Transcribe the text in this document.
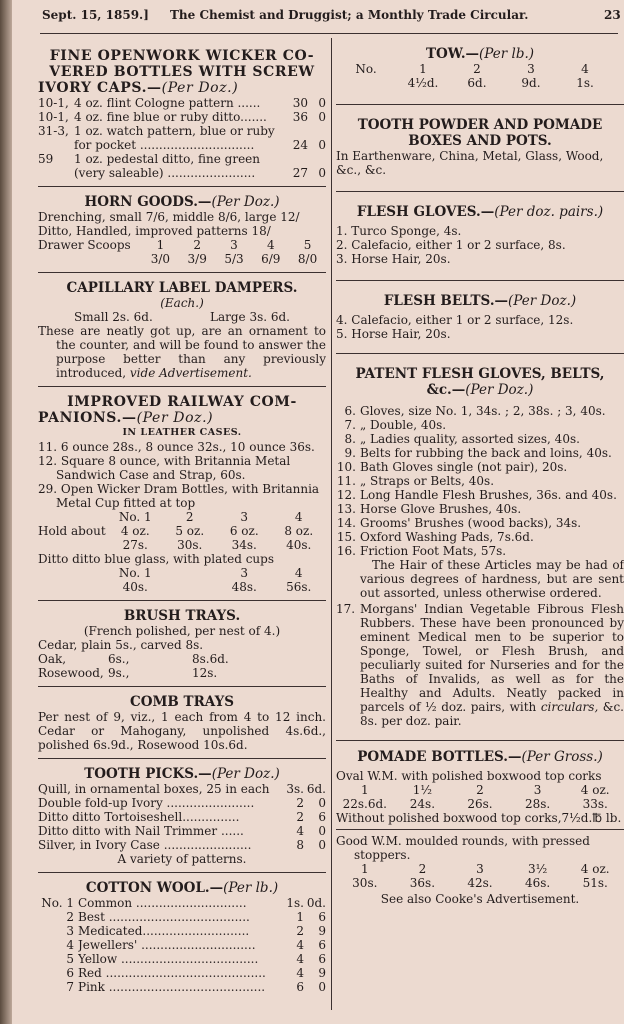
Sept. 15, 1859.] The Chemist and Druggist; a Monthly Trade Circular.	23

FINE OPENWORK WICKER CO-

VERED BOTTLES WITH SCREW

IVORY CAPS.—(Per Doz.)

10-1, 4 oz. flint Cologne pattern ......	30 0
10-1, 4 oz. fine blue or ruby ditto.......	36 0
31-3, 1 oz. watch pattern, blue or ruby
for pocket ..............................	24 0
59	1 oz. pedestal ditto, fine green
(very saleable) .......................	27 0

HORN GOODS.—(Per Doz.)

Drenching, small 7/6, middle 8/6, large 12/

Ditto, Handled, improved patterns 18/

Drawer Scoops	1	2	3	4	5
3/0	3/9	5/3	6/9	8/0

CAPILLARY LABEL DAMPERS.

(Each.)

Small 2s. 6d.	Large 3s. 6d.

These are neatly got up, are an ornament to the counter, and will be found to answer the purpose better than any previously introduced, vide Advertisement.

IMPROVED RAILWAY COM-

PANIONS.—(Per Doz.)

IN LEATHER CASES.

11. 6 ounce 28s., 8 ounce 32s., 10 ounce 36s.

12. Square 8 ounce, with Britannia Metal Sandwich Case and Strap, 60s.

29. Open Wicker Dram Bottles, with Britannia Metal Cup fitted at top

No. 1	2	3	4
Hold about	4 oz.	5 oz.	6 oz.	8 oz.
27s.	30s.	34s.	40s.

Ditto ditto blue glass, with plated cups

No. 1	3	4
40s.	48s.	56s.

BRUSH TRAYS.

(French polished, per nest of 4.)

Cedar, plain 5s., carved 8s.

Oak,	6s.,	8s.6d.
Rosewood, 9s.,	12s.

COMB TRAYS

Per nest of 9, viz., 1 each from 4 to 12 inch. Cedar or Mahogany, unpolished 4s.6d., polished 6s.9d., Rosewood 10s.6d.

TOOTH PICKS.—(Per Doz.)

Quill, in ornamental boxes, 25 in each	3s. 6d.
Double fold-up Ivory .......................	2	0
Ditto ditto Tortoiseshell...............	2	6
Ditto ditto with Nail Trimmer ......	4	0
Silver, in Ivory Case .......................	8	0

A variety of patterns.

COTTON WOOL.—(Per lb.)

No. 1 Common .............................	1s. 0d.
2 Best .....................................	1	6
3 Medicated............................	2	9
4 Jewellers' ..............................	4	6
5 Yellow ....................................	4	6
6 Red ..........................................	4	9
7 Pink .........................................	6	0

TOW.—(Per lb.)

No.	1	2	3	4
4½d.	6d.	9d.	1s.

TOOTH POWDER AND POMADE BOXES AND POTS.

In Earthenware, China, Metal, Glass, Wood, &c., &c.

FLESH GLOVES.—(Per doz. pairs.)

1. Turco Sponge, 4s.

2. Calefacio, either 1 or 2 surface, 8s.

3. Horse Hair, 20s.

FLESH BELTS.—(Per Doz.)

4. Calefacio, either 1 or 2 surface, 12s.

5. Horse Hair, 20s.

PATENT FLESH GLOVES, BELTS,

&c.—(Per Doz.)

6. Gloves, size No. 1, 34s. ; 2, 38s. ; 3, 40s.
7. „ Double, 40s.
8. „ Ladies quality, assorted sizes, 40s.
9. Belts for rubbing the back and loins, 40s.
10. Bath Gloves single (not pair), 20s.
11. „ Straps or Belts, 40s.
12. Long Handle Flesh Brushes, 36s. and 40s.
13. Horse Glove Brushes, 40s.
14. Grooms' Brushes (wood backs), 34s.
15. Oxford Washing Pads, 7s.6d.
16. Friction Foot Mats, 57s.

The Hair of these Articles may be had of various degrees of hardness, but are sent out assorted, unless otherwise ordered.

17. Morgans' Indian Vegetable Fibrous Flesh Rubbers. These have been pronounced by eminent Medical men to be superior to Sponge, Towel, or Flesh Brush, and peculiarly suited for Nurseries and for the Baths of Invalids, as well as for the Healthy and Adults. Neatly packed in parcels of ½ doz. pairs, with circulars, &c. 8s. per doz. pair.

POMADE BOTTLES.—(Per Gross.)

Oval W.M. with polished boxwood top corks

1	1½	2	3	4 oz.
22s.6d.	24s.	26s.	28s.	33s.

Without polished boxwood top corks,7½d.℔ lb.

Good W.M. moulded rounds, with pressed stoppers.

1	2	3	3½	4 oz.
30s.	36s.	42s.	46s.	51s.

See also Cooke's Advertisement.
